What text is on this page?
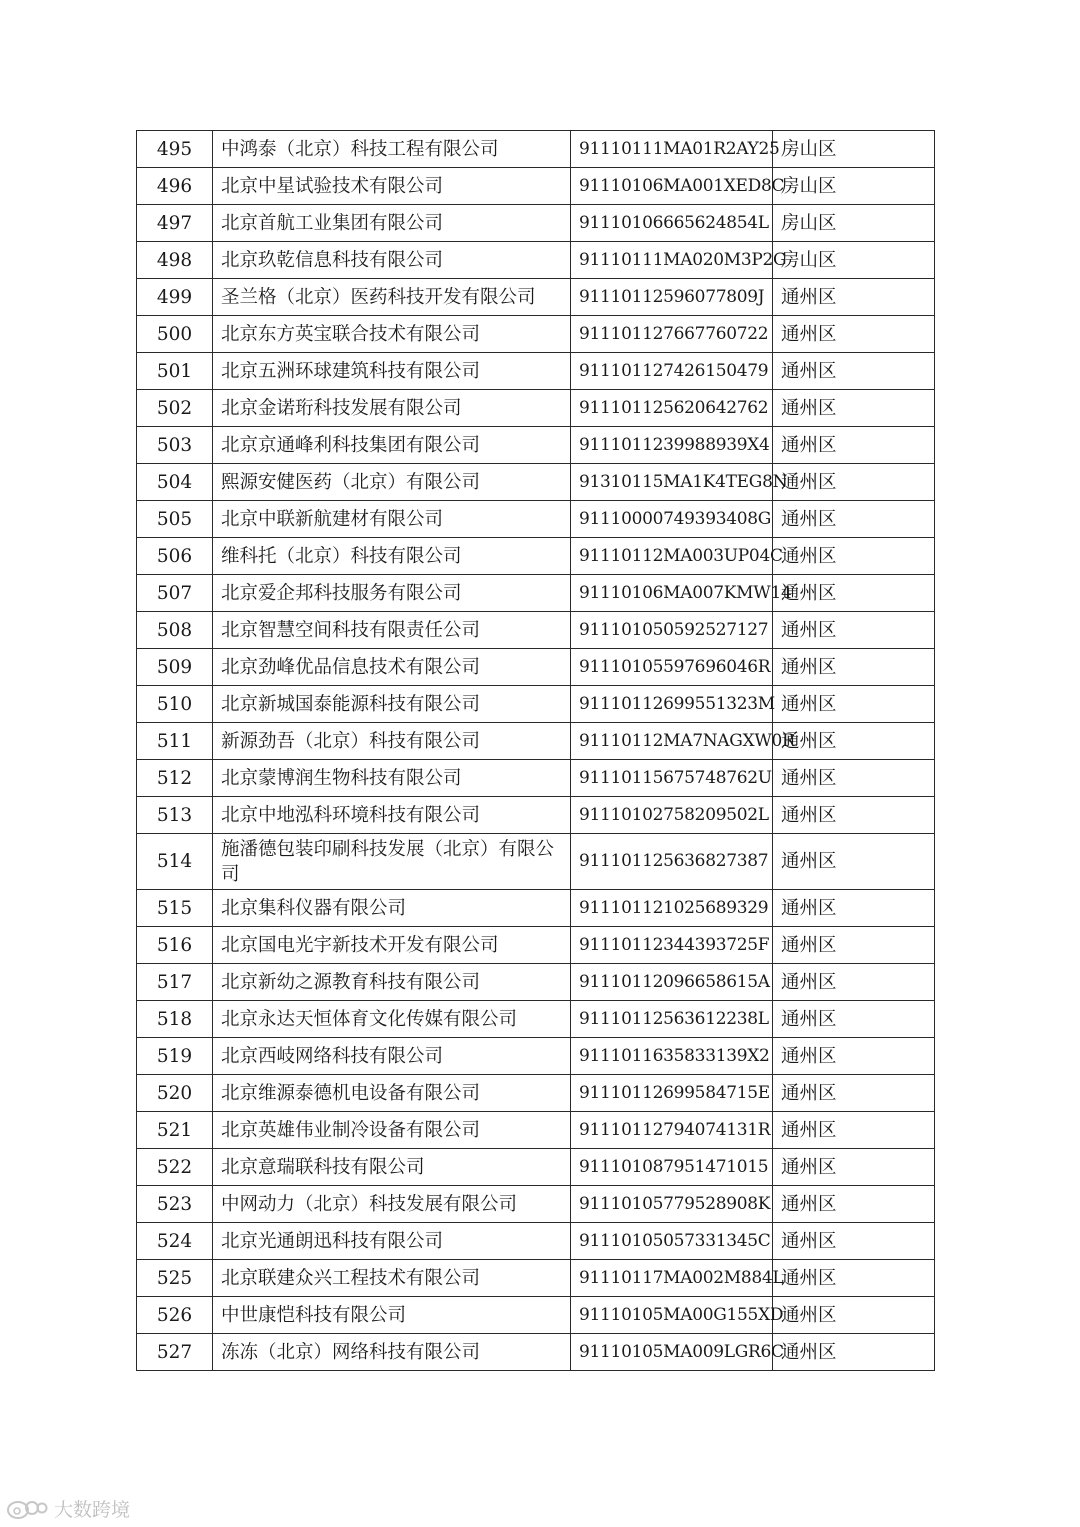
495	中鸿泰（北京）科技工程有限公司	91110111MA01R2AY25	房山区
496	北京中星试验技术有限公司	91110106MA001XED8C	房山区
497	北京首航工业集团有限公司	91110106665624854L	房山区
498	北京玖乾信息科技有限公司	91110111MA020M3P2G	房山区
499	圣兰格（北京）医药科技开发有限公司	91110112596077809J	通州区
500	北京东方英宝联合技术有限公司	911101127667760722	通州区
501	北京五洲环球建筑科技有限公司	911101127426150479	通州区
502	北京金诺珩科技发展有限公司	911101125620642762	通州区
503	北京京通峰利科技集团有限公司	9111011239988939X4	通州区
504	熙源安健医药（北京）有限公司	91310115MA1K4TEG8N	通州区
505	北京中联新航建材有限公司	91110000749393408G	通州区
506	维科托（北京）科技有限公司	91110112MA003UP04C	通州区
507	北京爱企邦科技服务有限公司	91110106MA007KMW14	通州区
508	北京智慧空间科技有限责任公司	911101050592527127	通州区
509	北京劲峰优品信息技术有限公司	91110105597696046R	通州区
510	北京新城国泰能源科技有限公司	91110112699551323M	通州区
511	新源劲吾（北京）科技有限公司	91110112MA7NAGXW0R	通州区
512	北京蒙博润生物科技有限公司	91110115675748762U	通州区
513	北京中地泓科环境科技有限公司	91110102758209502L	通州区
514	施潘德包装印刷科技发展（北京）有限公司	911101125636827387	通州区
515	北京集科仪器有限公司	911101121025689329	通州区
516	北京国电光宇新技术开发有限公司	91110112344393725F	通州区
517	北京新幼之源教育科技有限公司	91110112096658615A	通州区
518	北京永达天恒体育文化传媒有限公司	91110112563612238L	通州区
519	北京西岐网络科技有限公司	9111011635833139X2	通州区
520	北京维源泰德机电设备有限公司	91110112699584715E	通州区
521	北京英雄伟业制冷设备有限公司	91110112794074131R	通州区
522	北京意瑞联科技有限公司	911101087951471015	通州区
523	中网动力（北京）科技发展有限公司	91110105779528908K	通州区
524	北京光通朗迅科技有限公司	91110105057331345C	通州区
525	北京联建众兴工程技术有限公司	91110117MA002M884L	通州区
526	中世康恺科技有限公司	91110105MA00G155XD	通州区
527	冻冻（北京）网络科技有限公司	91110105MA009LGR6C	通州区
大数跨境
